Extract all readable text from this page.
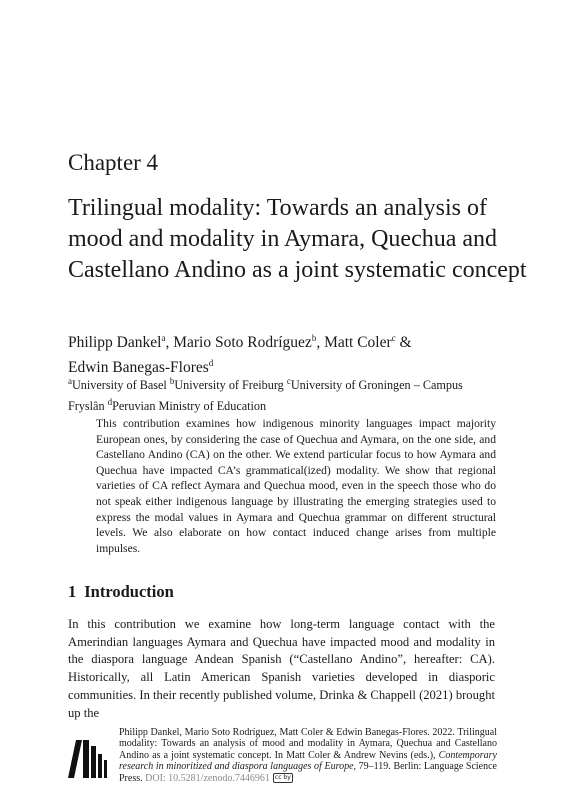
Chapter 4
Trilingual modality: Towards an analysis of mood and modality in Aymara, Quechua and Castellano Andino as a joint systematic concept
Philipp Dankel$^a$, Mario Soto Rodríguez$^b$, Matt Coler$^c$ &
Edwin Banegas-Flores$^d$
$^a$University of Basel $^b$University of Freiburg $^c$University of Groningen – Campus Fryslân $^d$Peruvian Ministry of Education
This contribution examines how indigenous minority languages impact majority European ones, by considering the case of Quechua and Aymara, on the one side, and Castellano Andino (CA) on the other. We extend particular focus to how Aymara and Quechua have impacted CA’s grammatical(ized) modality. We show that regional varieties of CA reflect Aymara and Quechua mood, even in the speech those who do not speak either indigenous language by illustrating the emerging strategies used to express the modal values in Aymara and Quechua grammar on different structural levels. We also elaborate on how contact induced change arises from multiple impulses.
1 Introduction
In this contribution we examine how long-term language contact with the Amerindian languages Aymara and Quechua have impacted mood and modality in the diaspora language Andean Spanish (“Castellano Andino”, hereafter: CA). Historically, all Latin American Spanish varieties developed in diasporic communities. In their recently published volume, Drinka & Chappell (2021) brought up the
Philipp Dankel, Mario Soto Rodríguez, Matt Coler & Edwin Banegas-Flores. 2022. Trilingual modality: Towards an analysis of mood and modality in Aymara, Quechua and Castellano Andino as a joint systematic concept. In Matt Coler & Andrew Nevins (eds.), Contemporary research in minoritized and diaspora languages of Europe, 79–119. Berlin: Language Science Press. DOI: 10.5281/zenodo.7446961 cc by
